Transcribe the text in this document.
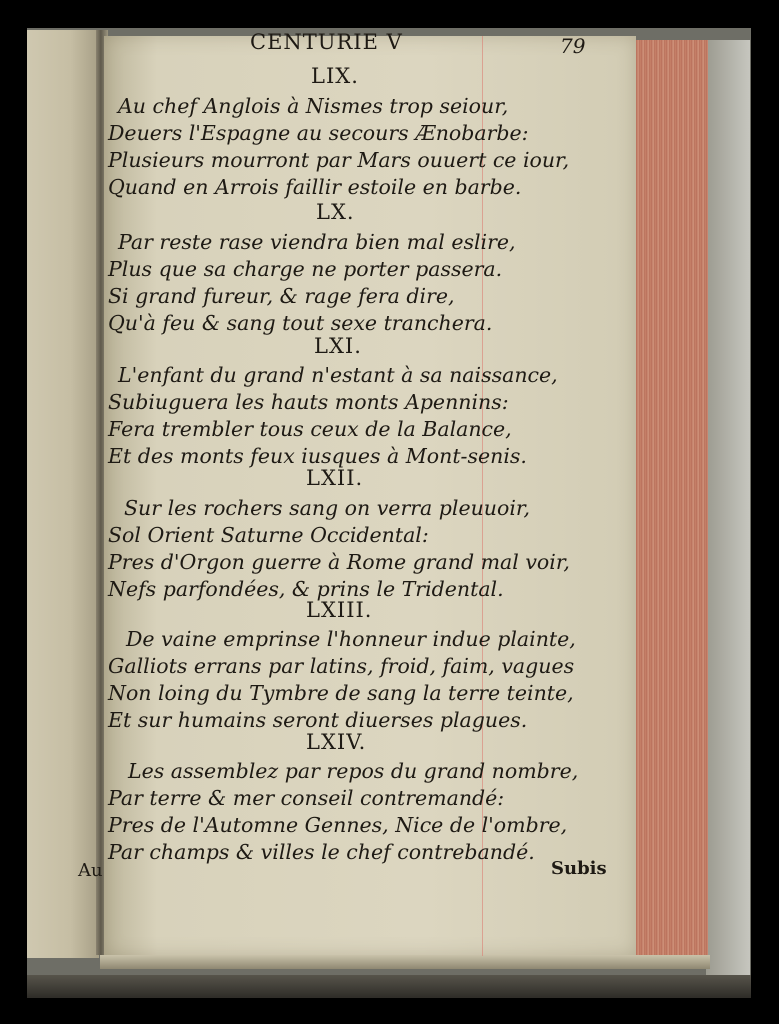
CENTURIE V	79
LIX.
Au chef Anglois à Nismes trop seiour,
Deuers l'Espagne au secours Ænobarbe:
Plusieurs mourront par Mars ouuert ce iour,
Quand en Arrois faillir estoile en barbe.
LX.
Par reste rase viendra bien mal eslire,
Plus que sa charge ne porter passera.
Si grand fureur, & rage fera dire,
Qu'à feu & sang tout sexe tranchera.
LXI.
L'enfant du grand n'estant à sa naissance,
Subiuguera les hauts monts Apennins:
Fera trembler tous ceux de la Balance,
Et des monts feux iusques à Mont-senis.
LXII.
Sur les rochers sang on verra pleuuoir,
Sol Orient Saturne Occidental:
Pres d'Orgon guerre à Rome grand mal voir,
Nefs parfondées, & prins le Tridental.
LXIII.
De vaine emprinse l'honneur indue plainte,
Galliots errans par latins, froid, faim, vagues
Non loing du Tymbre de sang la terre teinte,
Et sur humains seront diuerses plagues.
LXIV.
Les assemblez par repos du grand nombre,
Par terre & mer conseil contremandé:
Pres de l'Automne Gennes, Nice de l'ombre,
Par champs & villes le chef contrebandé.
Subis
Au
